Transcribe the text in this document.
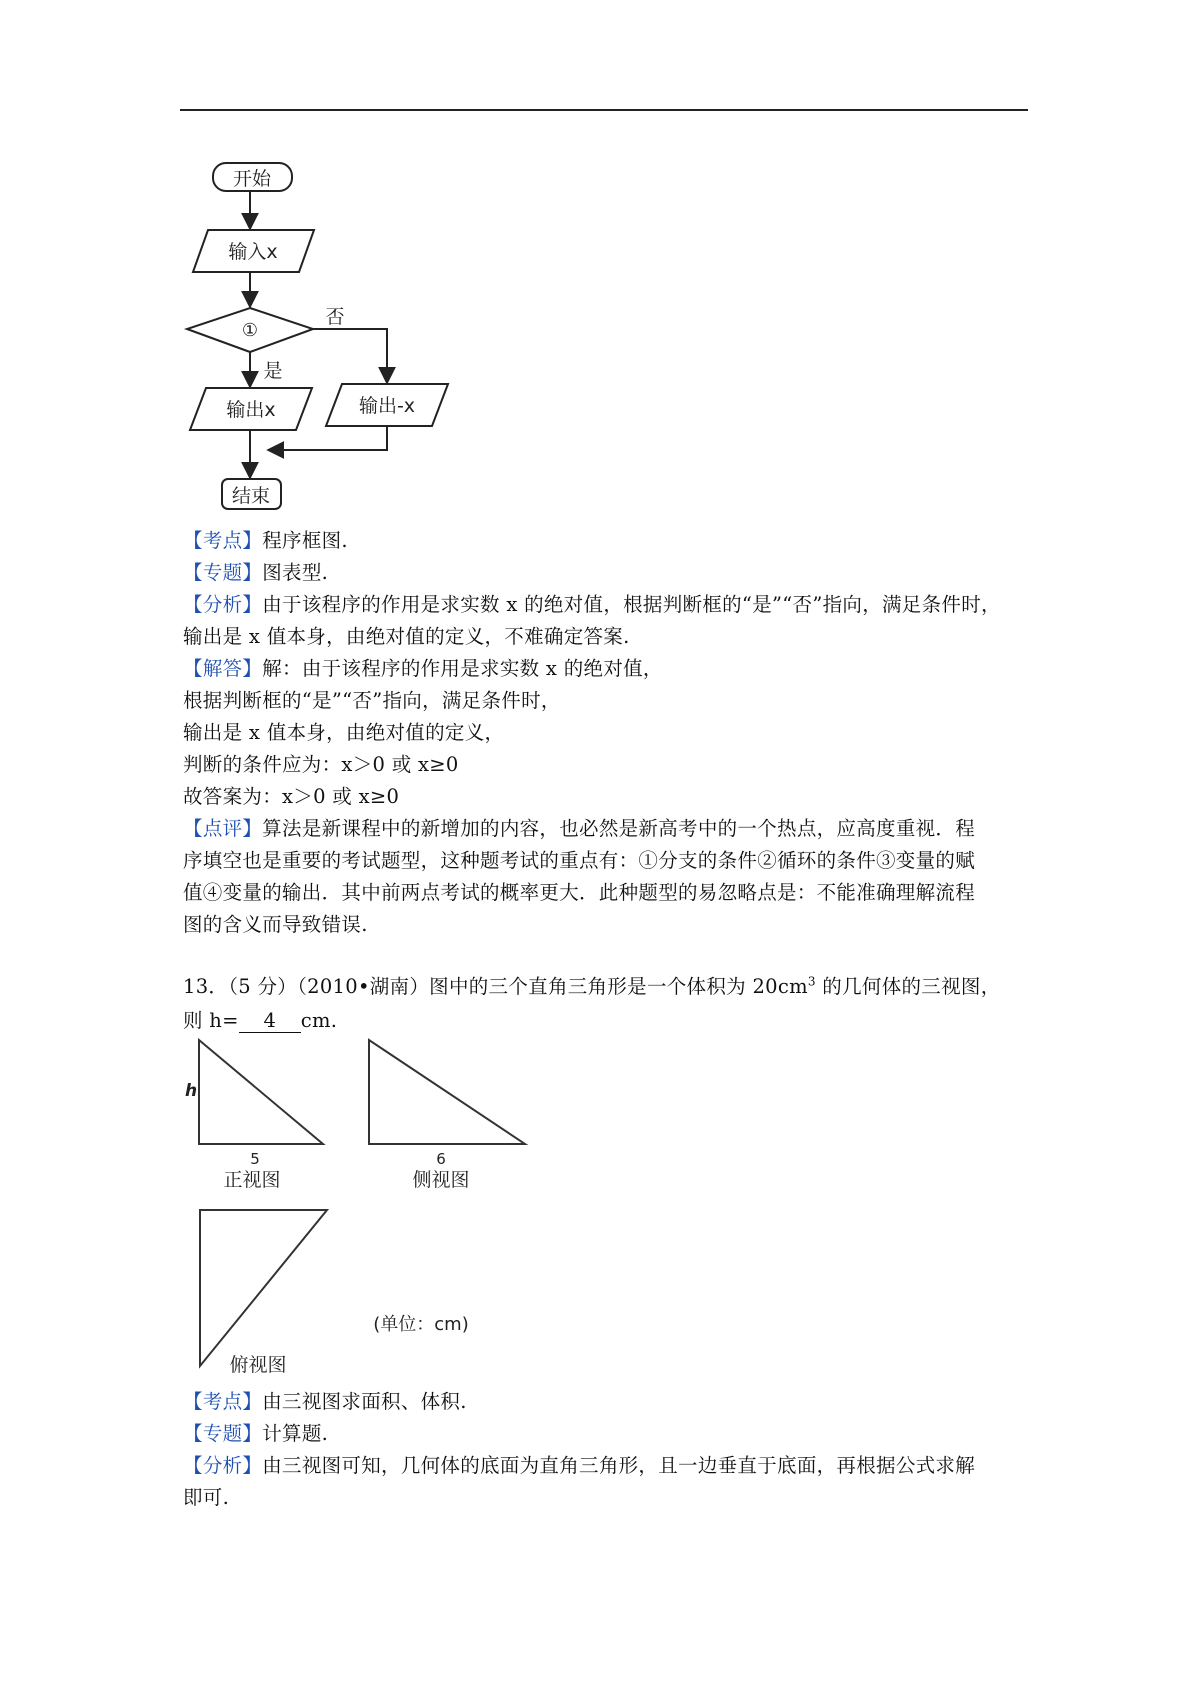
开始
输入x
①
否
是
输出x	输出-x
结束
【考点】程序框图.
【专题】图表型.
【分析】由于该程序的作用是求实数 x 的绝对值，根据判断框的“是”“否”指向，满足条件时，
输出是 x 值本身，由绝对值的定义，不难确定答案.
【解答】解：由于该程序的作用是求实数 x 的绝对值，
根据判断框的“是”“否”指向，满足条件时，
输出是 x 值本身，由绝对值的定义，
判断的条件应为：x＞0 或 x≥0
故答案为：x＞0 或 x≥0
【点评】算法是新课程中的新增加的内容，也必然是新高考中的一个热点，应高度重视．程
序填空也是重要的考试题型，这种题考试的重点有：①分支的条件②循环的条件③变量的赋
值④变量的输出．其中前两点考试的概率更大．此种题型的易忽略点是：不能准确理解流程
图的含义而导致错误.
13．（5 分）（2010•湖南）图中的三个直角三角形是一个体积为 $20cm^3$ 的几何体的三视图，
则 h= 4 cm.
h
5
正视图
6
侧视图
俯视图
(单位：cm)
【考点】由三视图求面积、体积.
【专题】计算题.
【分析】由三视图可知，几何体的底面为直角三角形，且一边垂直于底面，再根据公式求解
即可.
